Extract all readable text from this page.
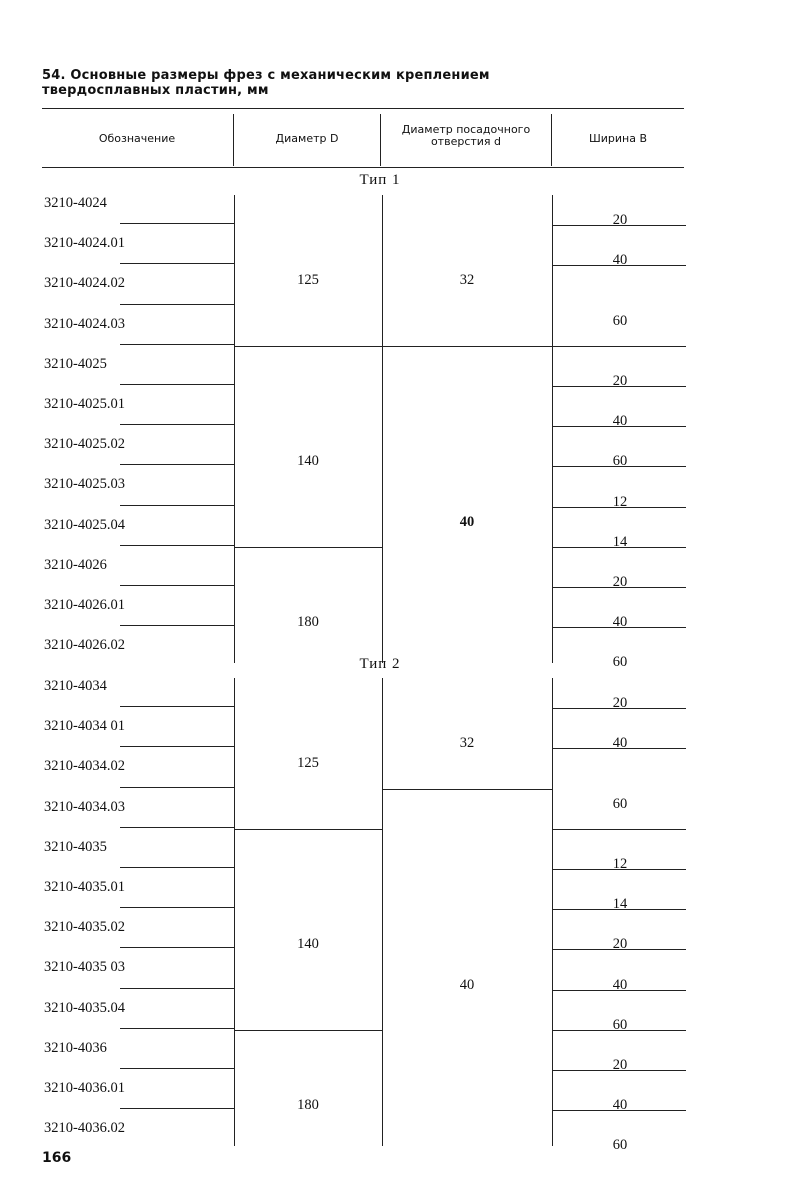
54. Основные размеры фрез с механическим креплением
твердосплавных пластин, мм
Обозначение	Диаметр D
Диаметр посадочного отверстия d	Ширина B
Тип 1
3210-4024
3210-4024.01
3210-4024.02
3210-4024.03
3210-4025
3210-4025.01
3210-4025.02
3210-4025.03
3210-4025.04
3210-4026
3210-4026.01
3210-4026.02
125
140
180
32
40
20
40
60
20
40
60
12
14
20
40
60
Тип 2
3210-4034
3210-4034 01
3210-4034.02
3210-4034.03
3210-4035
3210-4035.01
3210-4035.02
3210-4035 03
3210-4035.04
3210-4036
3210-4036.01
3210-4036.02
125
140
180
32
40
20
40
60
12
14
20
40
60
20
40
60
166
